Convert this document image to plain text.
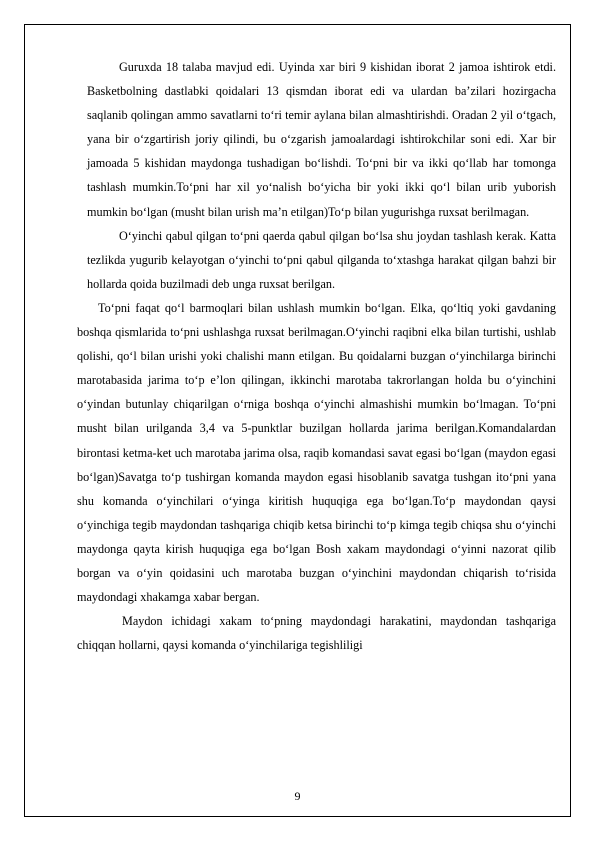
Guruxda 18 talaba mavjud edi. Uyinda xar biri 9 kishidan iborat 2 jamoa ishtirok etdi. Basketbolning dastlabki qoidalari 13 qismdan iborat edi va ulardan baʼzilari hozirgacha saqlanib qolingan ammo savatlarni toʻri temir aylana bilan almashtirishdi. Oradan 2 yil oʻtgach, yana bir oʻzgartirish joriy qilindi, bu oʻzgarish jamoalardagi ishtirokchilar soni edi. Xar bir jamoada 5 kishidan maydonga tushadigan boʻlishdi. Toʻpni bir va ikki qoʻllab har tomonga tashlash mumkin.Toʻpni har xil yoʻnalish boʻyicha bir yoki ikki qoʻl bilan urib yuborish mumkin boʻlgan (musht bilan urish maʼn etilgan)Toʻp bilan yugurishga ruxsat berilmagan.

Oʻyinchi qabul qilgan toʻpni qaerda qabul qilgan boʻlsa shu joydan tashlash kerak. Katta tezlikda yugurib kelayotgan oʻyinchi toʻpni qabul qilganda toʻxtashga harakat qilgan bahzi bir hollarda qoida buzilmadi deb unga ruxsat berilgan.

Toʻpni faqat qoʻl barmoqlari bilan ushlash mumkin boʻlgan. Elka, qoʻltiq yoki gavdaning boshqa qismlarida toʻpni ushlashga ruxsat berilmagan.Oʻyinchi raqibni elka bilan turtishi, ushlab qolishi, qoʻl bilan urishi yoki chalishi mann etilgan. Bu qoidalarni buzgan oʻyinchilarga birinchi marotabasida jarima toʻp eʼlon qilingan, ikkinchi marotaba takrorlangan holda bu oʻyinchini oʻyindan butunlay chiqarilgan oʻrniga boshqa oʻyinchi almashishi mumkin boʻlmagan. Toʻpni musht bilan urilganda 3,4 va 5-punktlar buzilgan hollarda jarima berilgan.Komandalardan birontasi ketma-ket uch marotaba jarima olsa, raqib komandasi savat egasi boʻlgan (maydon egasi boʻlgan)Savatga toʻp tushirgan komanda maydon egasi hisoblanib savatga tushgan itoʻpni yana shu komanda oʻyinchilari oʻyinga kiritish huquqiga ega boʻlgan.Toʻp maydondan qaysi oʻyinchiga tegib maydondan tashqariga chiqib ketsa birinchi toʻp kimga tegib chiqsa shu oʻyinchi maydonga qayta kirish huquqiga ega boʻlgan Bosh xakam maydondagi oʻyinni nazorat qilib borgan va oʻyin qoidasini uch marotaba buzgan oʻyinchini maydondan chiqarish toʻrisida maydondagi xhakamga xabar bergan.

Maydon ichidagi xakam toʻpning maydondagi harakatini, maydondan tashqariga chiqqan hollarni, qaysi komanda oʻyinchilariga tegishliligi

9
